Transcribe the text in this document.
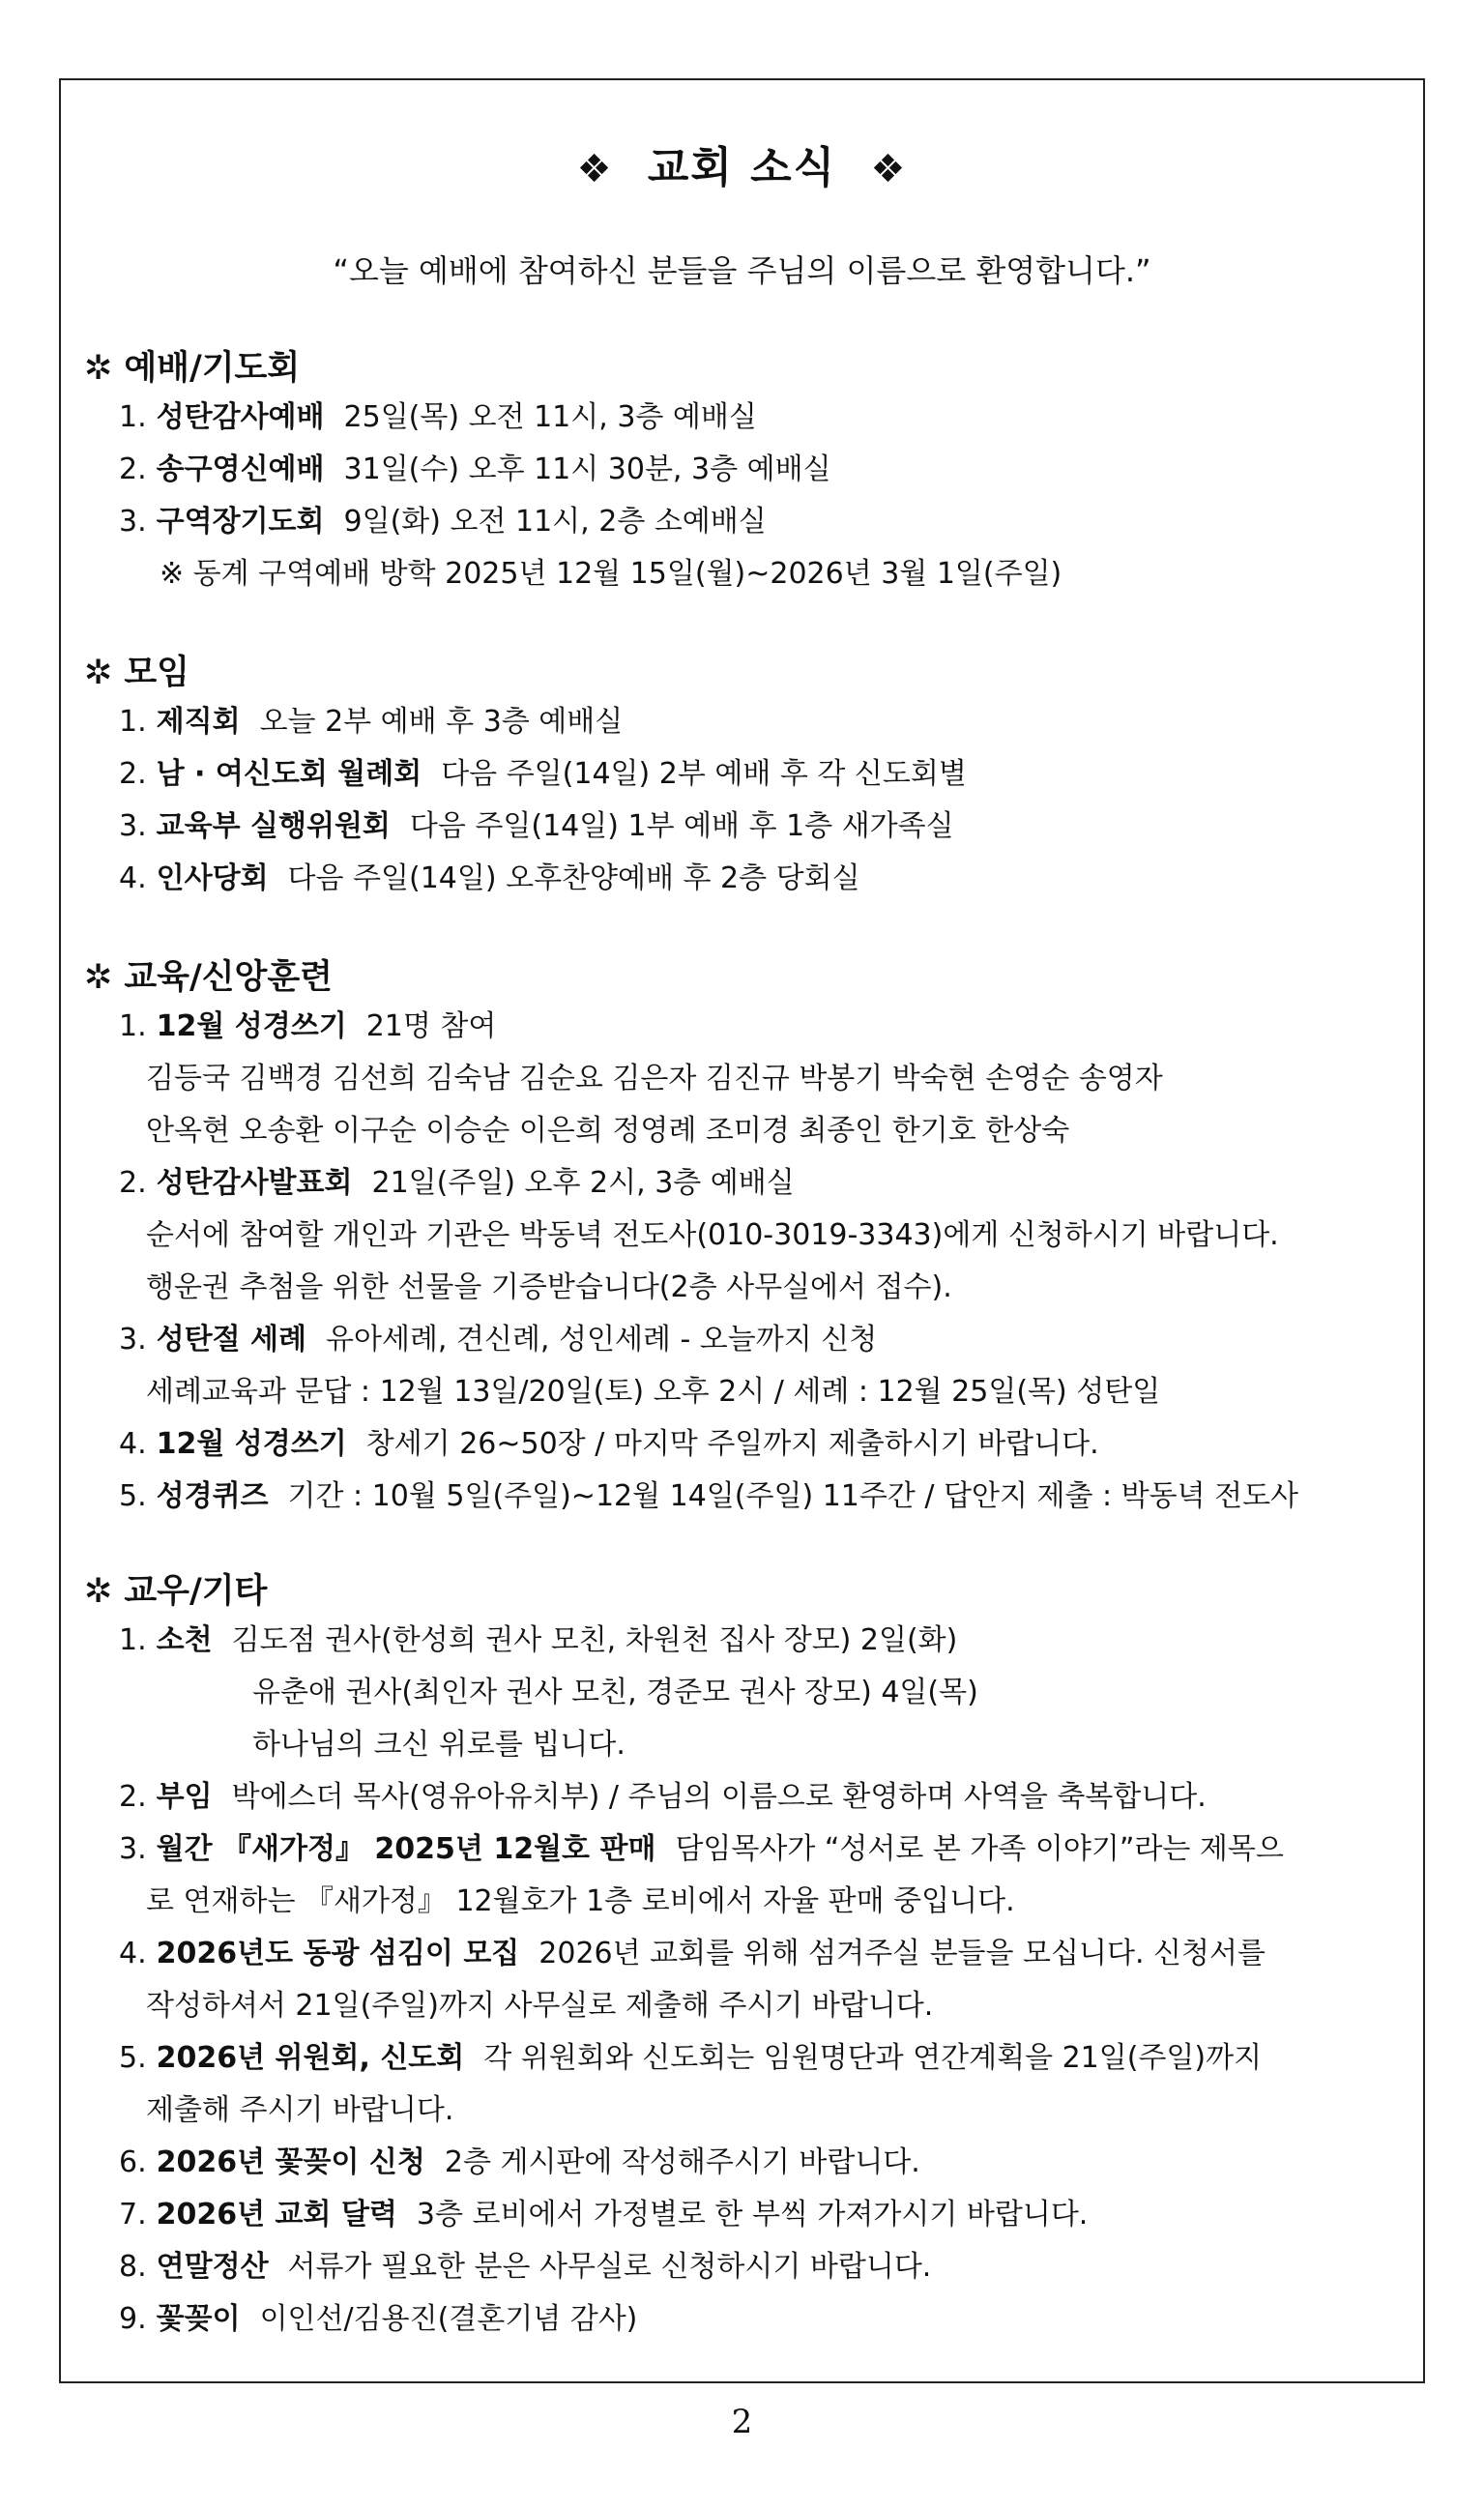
❖ 교회 소식 ❖
“오늘 예배에 참여하신 분들을 주님의 이름으로 환영합니다.”
✲ 예배/기도회
1. 성탄감사예배 25일(목) 오전 11시, 3층 예배실
2. 송구영신예배 31일(수) 오후 11시 30분, 3층 예배실
3. 구역장기도회 9일(화) 오전 11시, 2층 소예배실
※ 동계 구역예배 방학 2025년 12월 15일(월)~2026년 3월 1일(주일)
✲ 모임
1. 제직회 오늘 2부 예배 후 3층 예배실
2. 남 · 여신도회 월례회 다음 주일(14일) 2부 예배 후 각 신도회별
3. 교육부 실행위원회 다음 주일(14일) 1부 예배 후 1층 새가족실
4. 인사당회 다음 주일(14일) 오후찬양예배 후 2층 당회실
✲ 교육/신앙훈련
1. 12월 성경쓰기 21명 참여
김등국 김백경 김선희 김숙남 김순요 김은자 김진규 박봉기 박숙현 손영순 송영자
안옥현 오송환 이구순 이승순 이은희 정영례 조미경 최종인 한기호 한상숙
2. 성탄감사발표회 21일(주일) 오후 2시, 3층 예배실
순서에 참여할 개인과 기관은 박동녁 전도사(010-3019-3343)에게 신청하시기 바랍니다.
행운권 추첨을 위한 선물을 기증받습니다(2층 사무실에서 접수).
3. 성탄절 세례 유아세례, 견신례, 성인세례 - 오늘까지 신청
세례교육과 문답 : 12월 13일/20일(토) 오후 2시 / 세례 : 12월 25일(목) 성탄일
4. 12월 성경쓰기 창세기 26~50장 / 마지막 주일까지 제출하시기 바랍니다.
5. 성경퀴즈 기간 : 10월 5일(주일)~12월 14일(주일) 11주간 / 답안지 제출 : 박동녁 전도사
✲ 교우/기타
1. 소천 김도점 권사(한성희 권사 모친, 차원천 집사 장모) 2일(화)
유춘애 권사(최인자 권사 모친, 경준모 권사 장모) 4일(목)
하나님의 크신 위로를 빕니다.
2. 부임 박에스더 목사(영유아유치부) / 주님의 이름으로 환영하며 사역을 축복합니다.
3. 월간 『새가정』 2025년 12월호 판매 담임목사가 “성서로 본 가족 이야기”라는 제목으
로 연재하는 『새가정』 12월호가 1층 로비에서 자율 판매 중입니다.
4. 2026년도 동광 섬김이 모집 2026년 교회를 위해 섬겨주실 분들을 모십니다. 신청서를
작성하셔서 21일(주일)까지 사무실로 제출해 주시기 바랍니다.
5. 2026년 위원회, 신도회 각 위원회와 신도회는 임원명단과 연간계획을 21일(주일)까지
제출해 주시기 바랍니다.
6. 2026년 꽃꽂이 신청 2층 게시판에 작성해주시기 바랍니다.
7. 2026년 교회 달력 3층 로비에서 가정별로 한 부씩 가져가시기 바랍니다.
8. 연말정산 서류가 필요한 분은 사무실로 신청하시기 바랍니다.
9. 꽃꽂이 이인선/김용진(결혼기념 감사)
2
